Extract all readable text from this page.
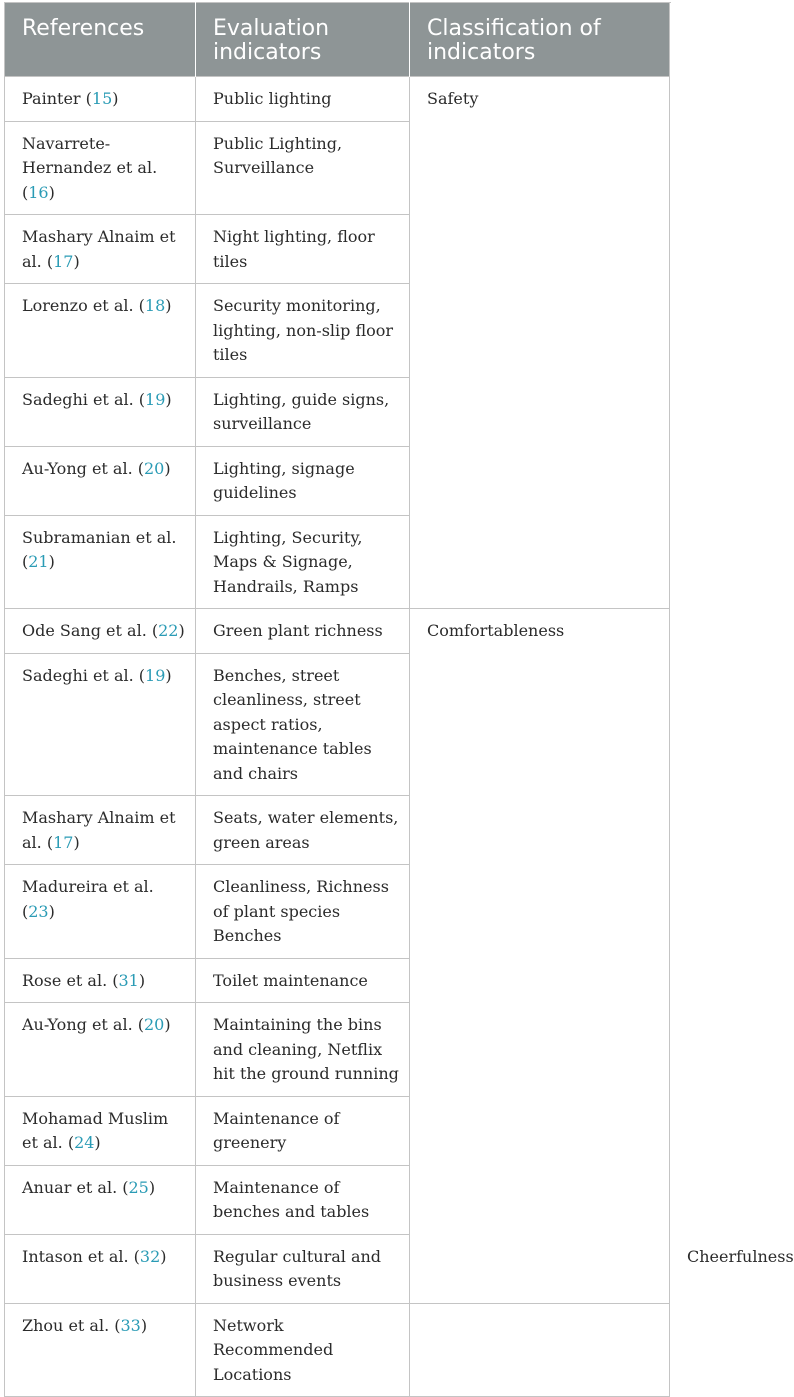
References	Evaluation indicators	Classification of indicators	
Painter (15)	Public lighting	Safety	
Navarrete-Hernandez et al. (16)	Public Lighting, Surveillance		
Mashary Alnaim et al. (17)	Night lighting, floor tiles		
Lorenzo et al. (18)	Security monitoring, lighting, non-slip floor tiles		
Sadeghi et al. (19)	Lighting, guide signs, surveillance		
Au-Yong et al. (20)	Lighting, signage guidelines		
Subramanian et al. (21)	Lighting, Security, Maps & Signage, Handrails, Ramps		
Ode Sang et al. (22)	Green plant richness	Comfortableness	
Sadeghi et al. (19)	Benches, street cleanliness, street aspect ratios, maintenance tables and chairs		
Mashary Alnaim et al. (17)	Seats, water elements, green areas		
Madureira et al. (23)	Cleanliness, Richness of plant species Benches		
Rose et al. (31)	Toilet maintenance		
Au-Yong et al. (20)	Maintaining the bins and cleaning, Netflix hit the ground running		
Mohamad Muslim et al. (24)	Maintenance of greenery		
Anuar et al. (25)	Maintenance of benches and tables		
Intason et al. (32)	Regular cultural and business events		Cheerfulness
Zhou et al. (33)	Network Recommended Locations		
